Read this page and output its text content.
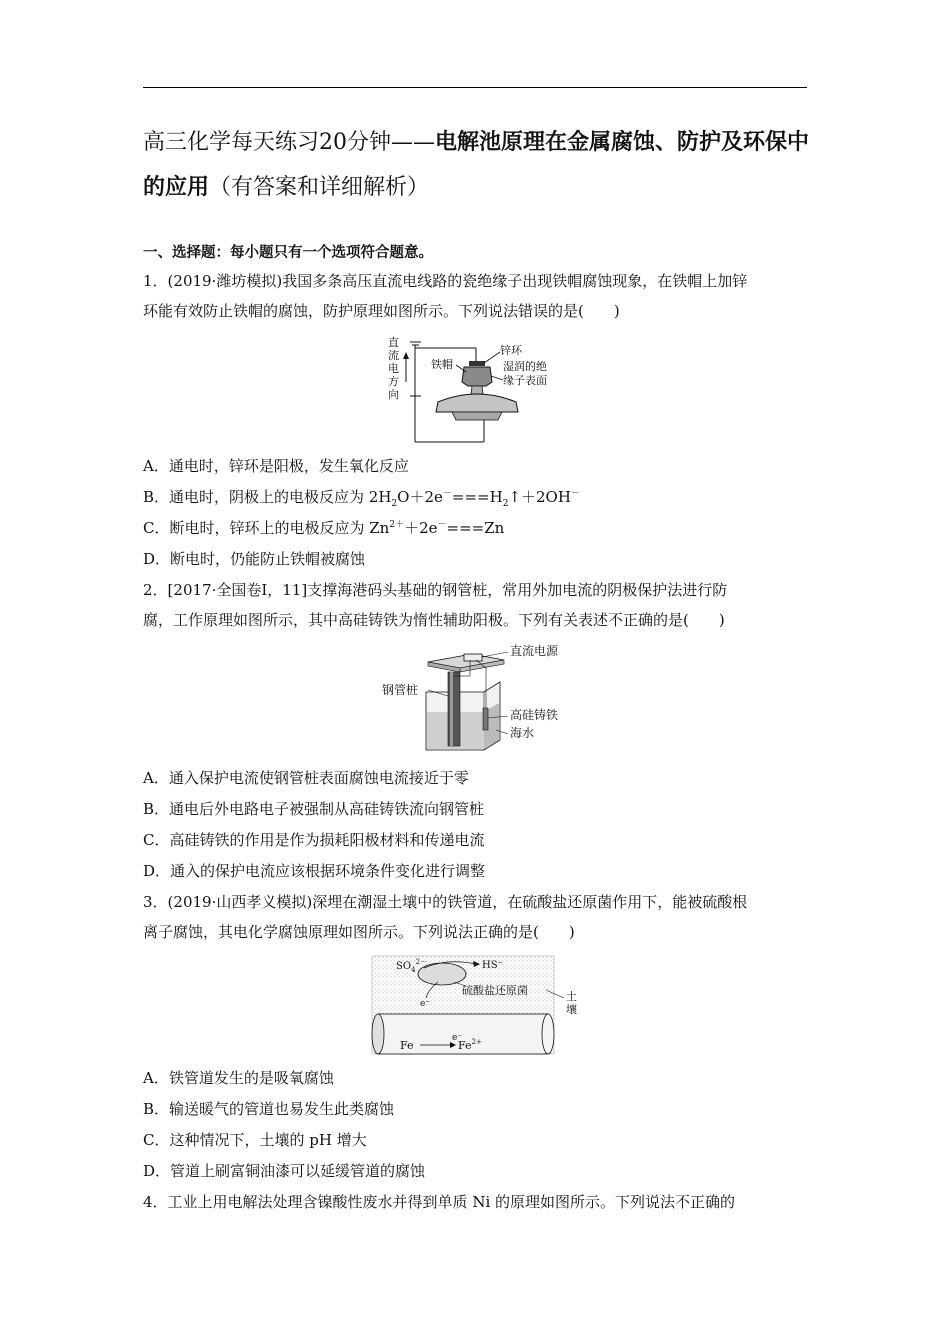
高三化学每天练习20分钟——电解池原理在金属腐蚀、防护及环保中的应用（有答案和详细解析）
一、选择题：每小题只有一个选项符合题意。
1．(2019·潍坊模拟)我国多条高压直流电线路的瓷绝缘子出现铁帽腐蚀现象，在铁帽上加锌
环能有效防止铁帽的腐蚀，防护原理如图所示。下列说法错误的是(　　)
直
流
电
方
向
铁帽
锌环
湿润的绝
缘子表面
A．通电时，锌环是阳极，发生氧化反应
B．通电时，阴极上的电极反应为 $2H_2O+2e^-===H_2↑+2OH^-$
C．断电时，锌环上的电极反应为 $Zn^{2+}+2e^-===Zn$
D．断电时，仍能防止铁帽被腐蚀
2．[2017·全国卷Ⅰ，11]支撑海港码头基础的钢管桩，常用外加电流的阴极保护法进行防
腐，工作原理如图所示，其中高硅铸铁为惰性辅助阳极。下列有关表述不正确的是(　　)
直流电源
钢管桩
高硅铸铁
海水
A．通入保护电流使钢管桩表面腐蚀电流接近于零
B．通电后外电路电子被强制从高硅铸铁流向钢管桩
C．高硅铸铁的作用是作为损耗阳极材料和传递电流
D．通入的保护电流应该根据环境条件变化进行调整
3．(2019·山西孝义模拟)深埋在潮湿土壤中的铁管道，在硫酸盐还原菌作用下，能被硫酸根
离子腐蚀，其电化学腐蚀原理如图所示。下列说法正确的是(　　)
$SO_4^{2-}$	HS⁻
e⁻
硫酸盐还原菌	土
壤
Fe
e⁻
$Fe^{2+}$
A．铁管道发生的是吸氧腐蚀
B．输送暖气的管道也易发生此类腐蚀
C．这种情况下，土壤的 pH 增大
D．管道上刷富铜油漆可以延缓管道的腐蚀
4．工业上用电解法处理含镍酸性废水并得到单质 Ni 的原理如图所示。下列说法不正确的
